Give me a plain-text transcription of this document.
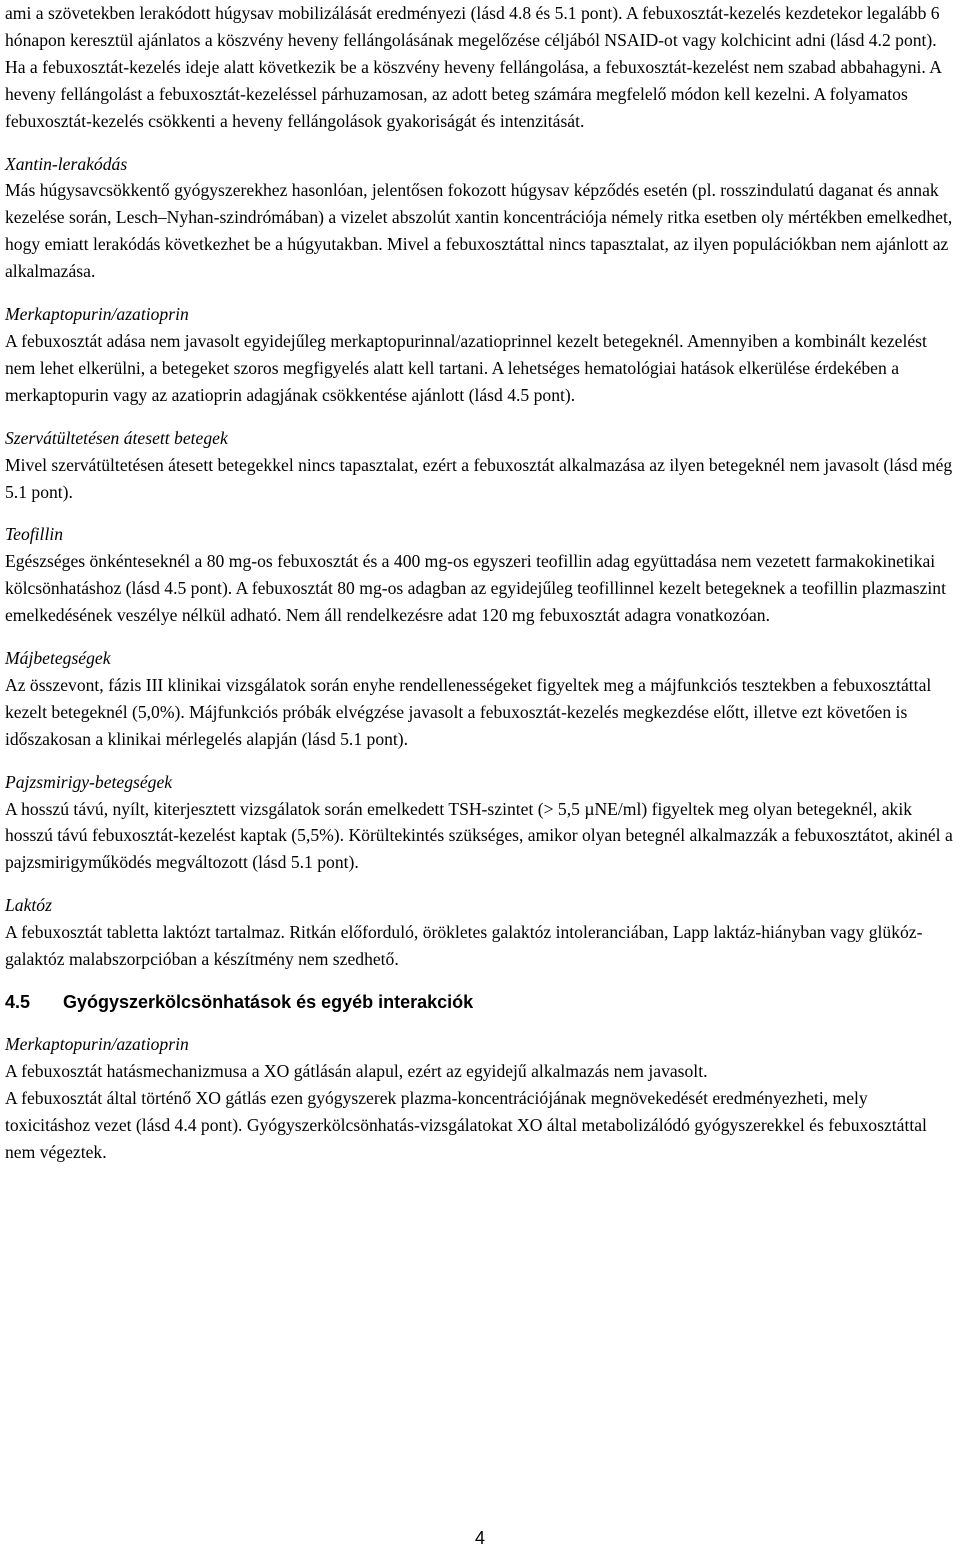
ami a szövetekben lerakódott húgysav mobilizálását eredményezi (lásd 4.8 és 5.1 pont). A febuxosztát-kezelés kezdetekor legalább 6 hónapon keresztül ajánlatos a köszvény heveny fellángolásának megelőzése céljából NSAID-ot vagy kolchicint adni (lásd 4.2 pont).

Ha a febuxosztát-kezelés ideje alatt következik be a köszvény heveny fellángolása, a febuxosztát-kezelést nem szabad abbahagyni. A heveny fellángolást a febuxosztát-kezeléssel párhuzamosan, az adott beteg számára megfelelő módon kell kezelni. A folyamatos febuxosztát-kezelés csökkenti a heveny fellángolások gyakoriságát és intenzitását.

Xantin-lerakódás

Más húgysavcsökkentő gyógyszerekhez hasonlóan, jelentősen fokozott húgysav képződés esetén (pl. rosszindulatú daganat és annak kezelése során, Lesch–Nyhan-szindrómában) a vizelet abszolút xantin koncentrációja némely ritka esetben oly mértékben emelkedhet, hogy emiatt lerakódás következhet be a húgyutakban. Mivel a febuxosztáttal nincs tapasztalat, az ilyen populációkban nem ajánlott az alkalmazása.

Merkaptopurin/azatioprin

A febuxosztát adása nem javasolt egyidejűleg merkaptopurinnal/azatioprinnel kezelt betegeknél. Amennyiben a kombinált kezelést nem lehet elkerülni, a betegeket szoros megfigyelés alatt kell tartani. A lehetséges hematológiai hatások elkerülése érdekében a merkaptopurin vagy az azatioprin adagjának csökkentése ajánlott (lásd 4.5 pont).

Szervátültetésen átesett betegek

Mivel szervátültetésen átesett betegekkel nincs tapasztalat, ezért a febuxosztát alkalmazása az ilyen betegeknél nem javasolt (lásd még 5.1 pont).

Teofillin

Egészséges önkénteseknél a 80 mg-os febuxosztát és a 400 mg-os egyszeri teofillin adag együttadása nem vezetett farmakokinetikai kölcsönhatáshoz (lásd 4.5 pont). A febuxosztát 80 mg-os adagban az egyidejűleg teofillinnel kezelt betegeknek a teofillin plazmaszint emelkedésének veszélye nélkül adható. Nem áll rendelkezésre adat 120 mg febuxosztát adagra vonatkozóan.

Májbetegségek

Az összevont, fázis III klinikai vizsgálatok során enyhe rendellenességeket figyeltek meg a májfunkciós tesztekben a febuxosztáttal kezelt betegeknél (5,0%). Májfunkciós próbák elvégzése javasolt a febuxosztát-kezelés megkezdése előtt, illetve ezt követően is időszakosan a klinikai mérlegelés alapján (lásd 5.1 pont).

Pajzsmirigy-betegségek

A hosszú távú, nyílt, kiterjesztett vizsgálatok során emelkedett TSH-szintet (> 5,5 µNE/ml) figyeltek meg olyan betegeknél, akik hosszú távú febuxosztát-kezelést kaptak (5,5%). Körültekintés szükséges, amikor olyan betegnél alkalmazzák a febuxosztátot, akinél a pajzsmirigyműködés megváltozott (lásd 5.1 pont).

Laktóz

A febuxosztát tabletta laktózt tartalmaz. Ritkán előforduló, örökletes galaktóz intoleranciában, Lapp laktáz-hiányban vagy glükóz-galaktóz malabszorpcióban a készítmény nem szedhető.

4.5 Gyógyszerkölcsönhatások és egyéb interakciók

Merkaptopurin/azatioprin

A febuxosztát hatásmechanizmusa a XO gátlásán alapul, ezért az egyidejű alkalmazás nem javasolt.

A febuxosztát által történő XO gátlás ezen gyógyszerek plazma-koncentrációjának megnövekedését eredményezheti, mely toxicitáshoz vezet (lásd 4.4 pont). Gyógyszerkölcsönhatás-vizsgálatokat XO által metabolizálódó gyógyszerekkel és febuxosztáttal nem végeztek.

4
